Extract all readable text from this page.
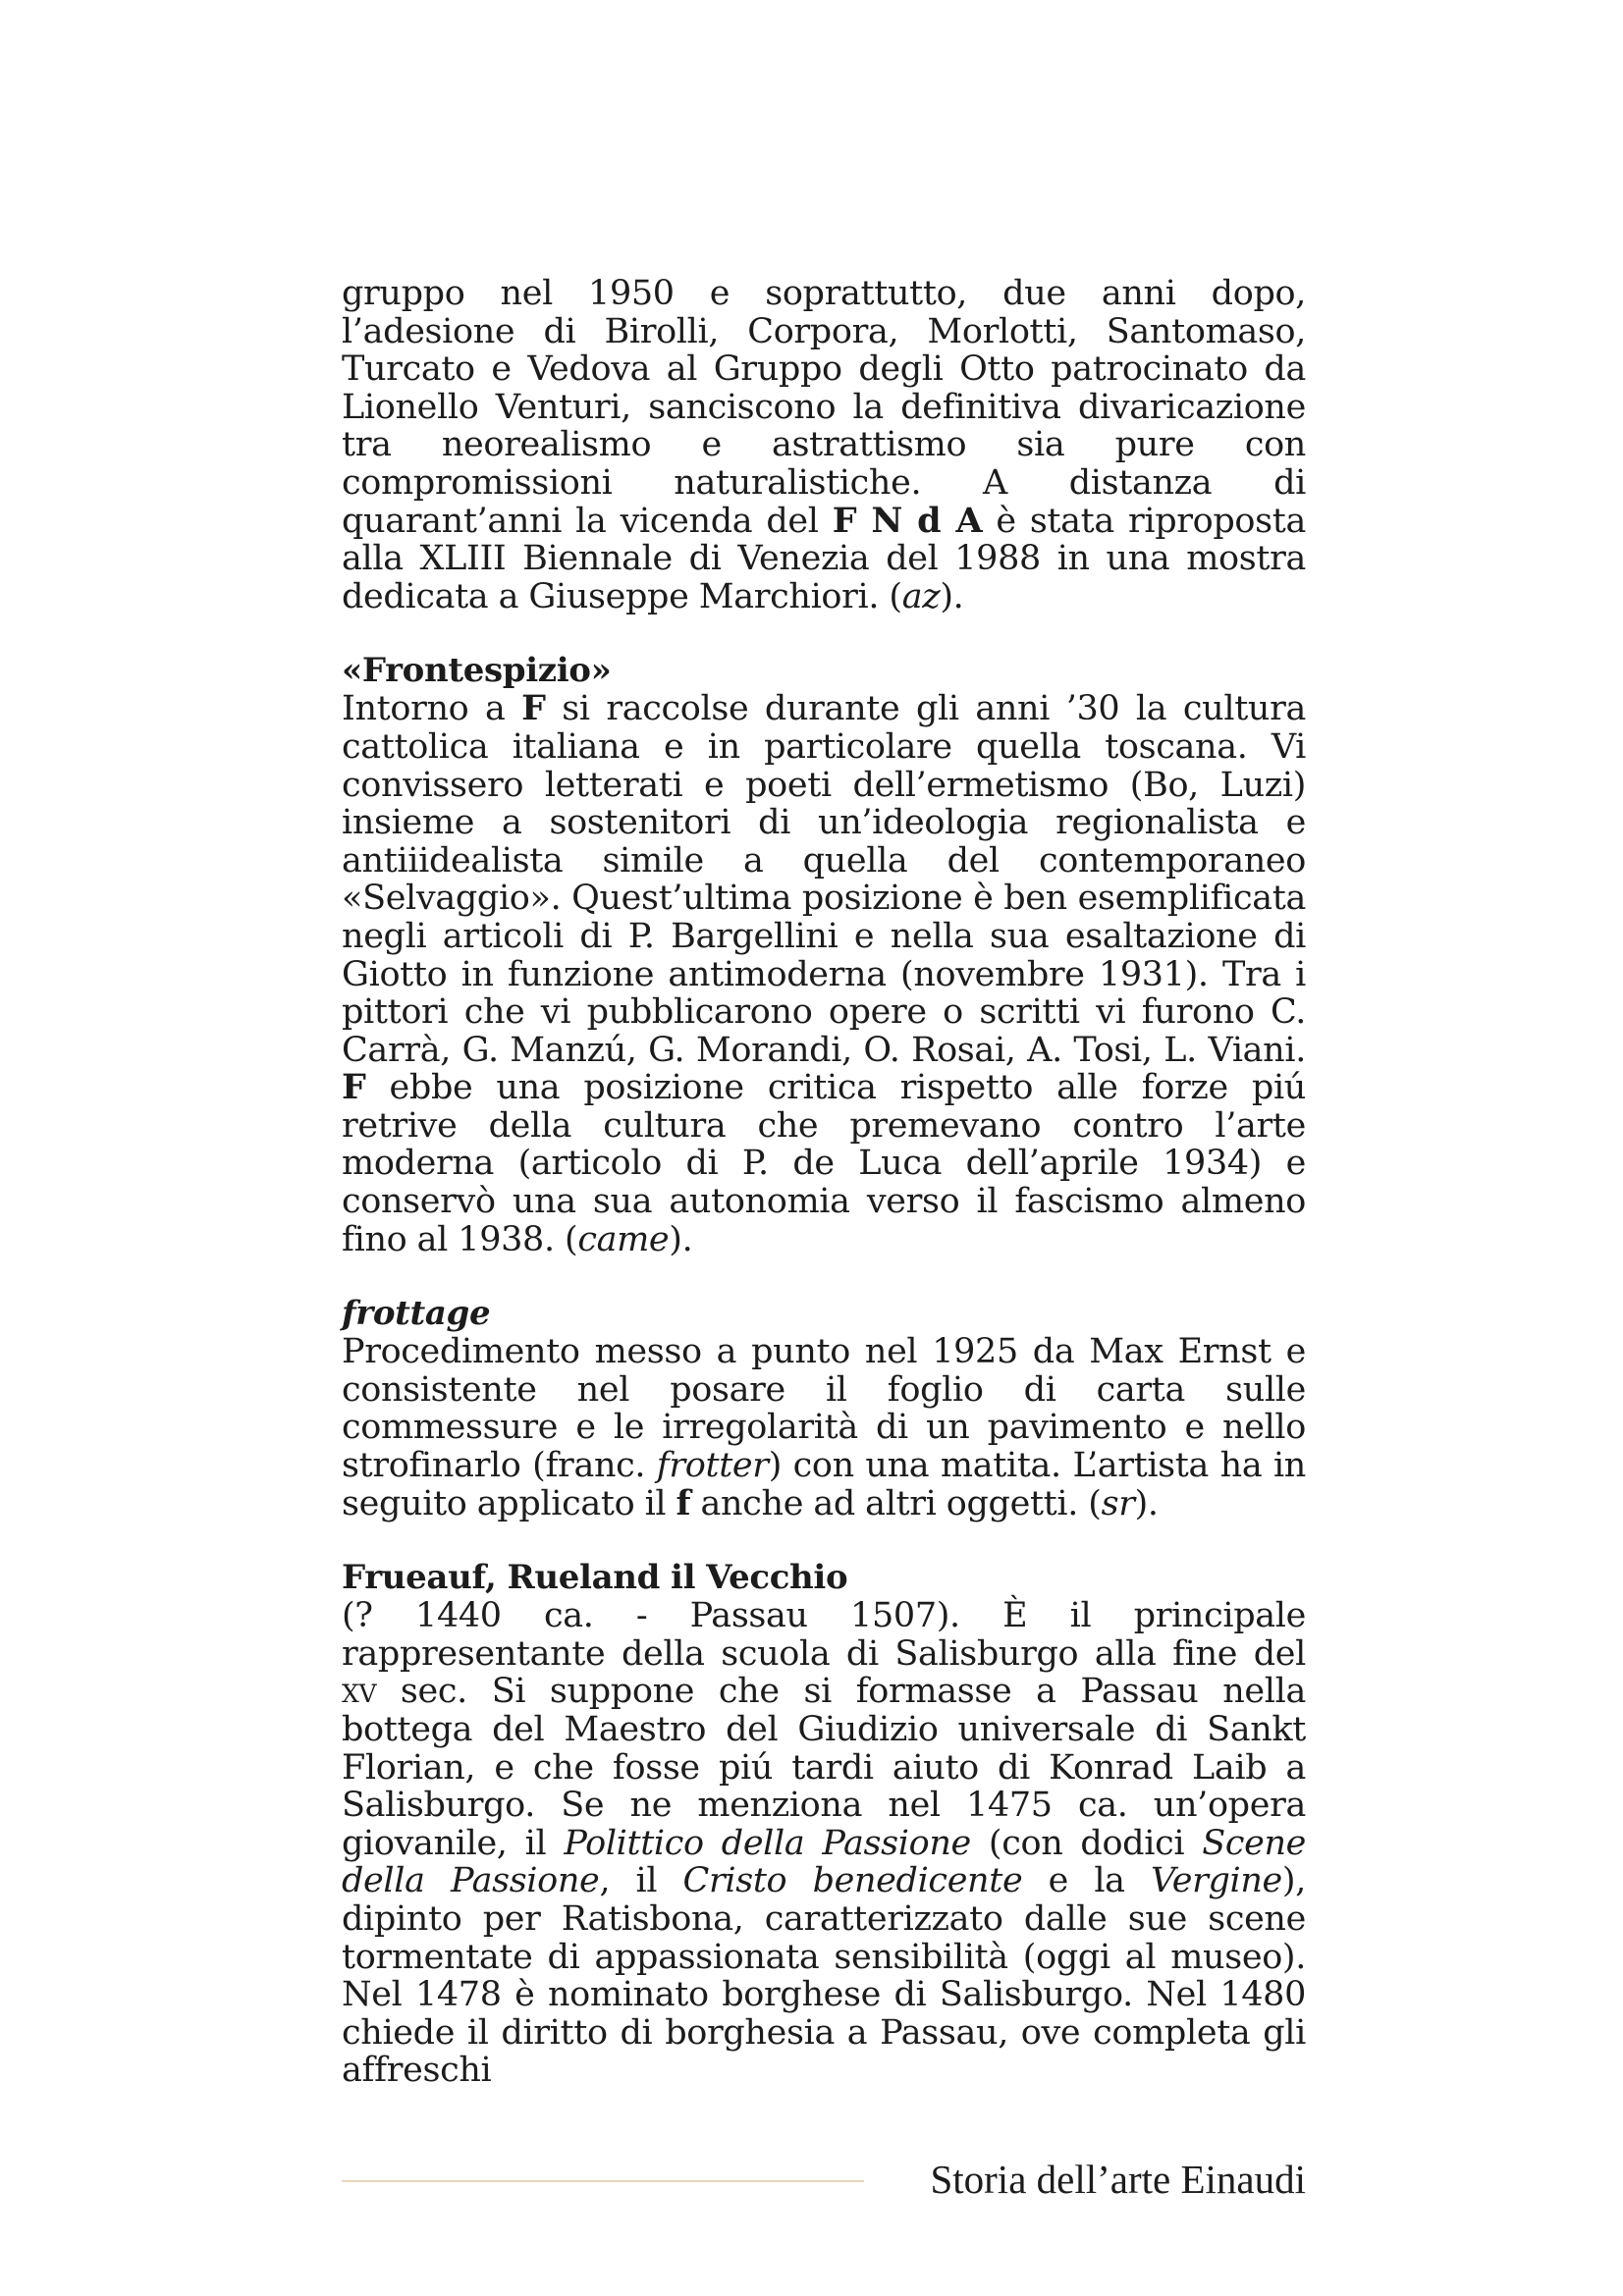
gruppo nel 1950 e soprattutto, due anni dopo, l’adesione di Birolli, Corpora, Morlotti, Santomaso, Turcato e Vedova al Gruppo degli Otto patrocinato da Lionello Venturi, sanciscono la definitiva divaricazione tra neorealismo e astrattismo sia pure con compromissioni naturalistiche. A distanza di quarant’anni la vicenda del F N d A è stata riproposta alla XLIII Biennale di Venezia del 1988 in una mostra dedicata a Giuseppe Marchiori. (az).

«Frontespizio»

Intorno a F si raccolse durante gli anni ’30 la cultura cattolica italiana e in particolare quella toscana. Vi convissero letterati e poeti dell’ermetismo (Bo, Luzi) insieme a sostenitori di un’ideologia regionalista e antiiidealista simile a quella del contemporaneo «Selvaggio». Quest’ultima posizione è ben esemplificata negli articoli di P. Bargellini e nella sua esaltazione di Giotto in funzione antimoderna (novembre 1931). Tra i pittori che vi pubblicarono opere o scritti vi furono C. Carrà, G. Manzú, G. Morandi, O. Rosai, A. Tosi, L. Viani. F ebbe una posizione critica rispetto alle forze piú retrive della cultura che premevano contro l’arte moderna (articolo di P. de Luca dell’aprile 1934) e conservò una sua autonomia verso il fascismo almeno fino al 1938. (came).

frottage

Procedimento messo a punto nel 1925 da Max Ernst e consistente nel posare il foglio di carta sulle commessure e le irregolarità di un pavimento e nello strofinarlo (franc. frotter) con una matita. L’artista ha in seguito applicato il f anche ad altri oggetti. (sr).

Frueauf, Rueland il Vecchio

(? 1440 ca. - Passau 1507). È il principale rappresentante della scuola di Salisburgo alla fine del xv sec. Si suppone che si formasse a Passau nella bottega del Maestro del Giudizio universale di Sankt Florian, e che fosse piú tardi aiuto di Konrad Laib a Salisburgo. Se ne menziona nel 1475 ca. un’opera giovanile, il Polittico della Passione (con dodici Scene della Passione, il Cristo benedicente e la Vergine), dipinto per Ratisbona, caratterizzato dalle sue scene tormentate di appassionata sensibilità (oggi al museo). Nel 1478 è nominato borghese di Salisburgo. Nel 1480 chiede il diritto di borghesia a Passau, ove completa gli affreschi

Storia dell’arte Einaudi
